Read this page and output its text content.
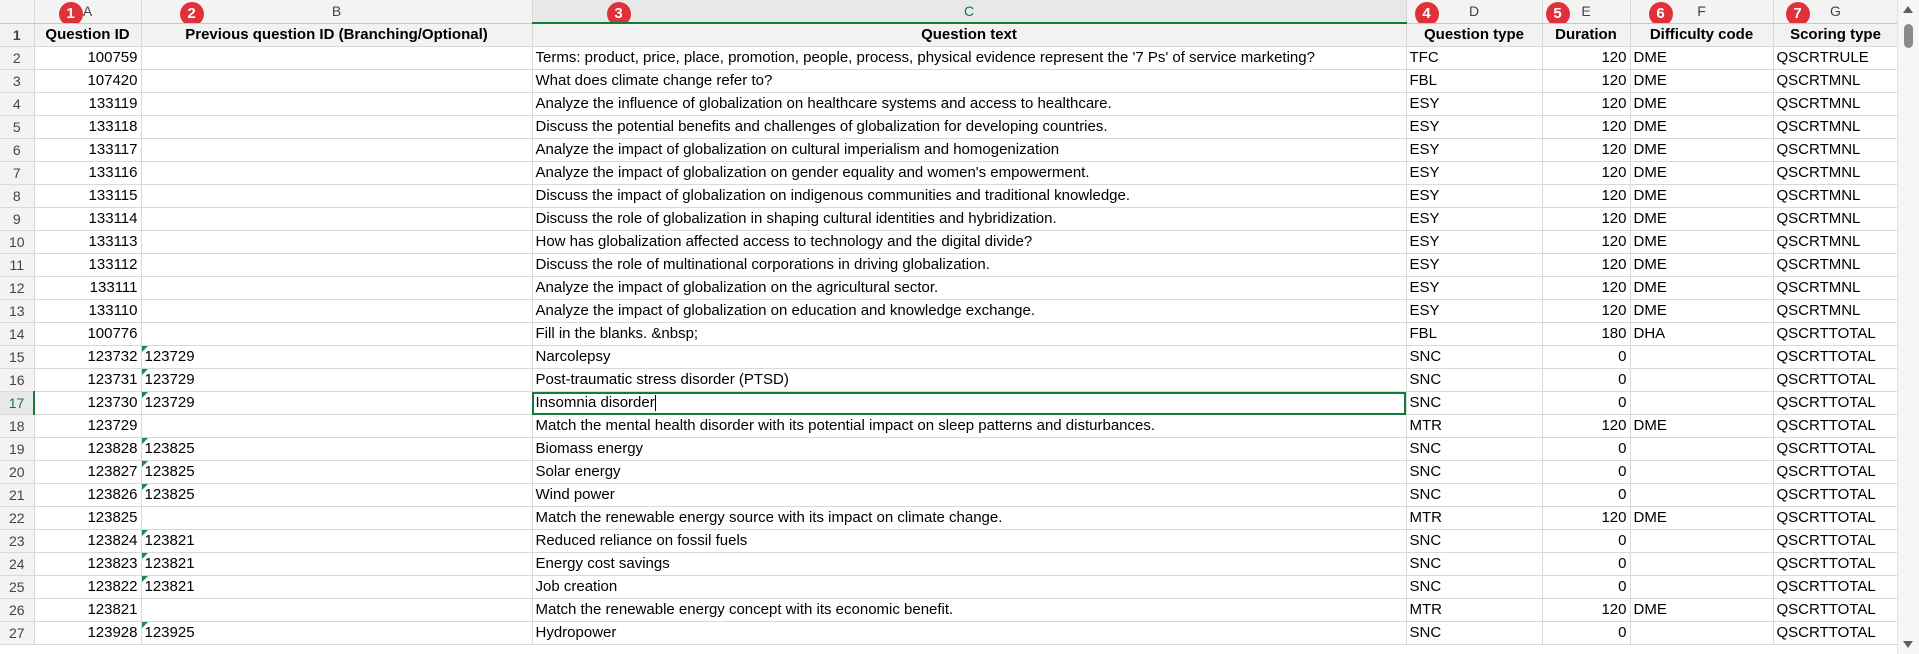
	1 A	2 B	3 C	4 D	5 E	6 F	7 G
1	Question ID	Previous question ID (Branching/Optional)	Question text	Question type	Duration	Difficulty code	Scoring type
2	100759		Terms: product, price, place, promotion, people, process, physical evidence represent the '7 Ps' of service marketing?	TFC	120	DME	QSCRTRULE
3	107420		What does climate change refer to?	FBL	120	DME	QSCRTMNL
4	133119		Analyze the influence of globalization on healthcare systems and access to healthcare.	ESY	120	DME	QSCRTMNL
5	133118		Discuss the potential benefits and challenges of globalization for developing countries.	ESY	120	DME	QSCRTMNL
6	133117		Analyze the impact of globalization on cultural imperialism and homogenization	ESY	120	DME	QSCRTMNL
7	133116		Analyze the impact of globalization on gender equality and women's empowerment.	ESY	120	DME	QSCRTMNL
8	133115		Discuss the impact of globalization on indigenous communities and traditional knowledge.	ESY	120	DME	QSCRTMNL
9	133114		Discuss the role of globalization in shaping cultural identities and hybridization.	ESY	120	DME	QSCRTMNL
10	133113		How has globalization affected access to technology and the digital divide?	ESY	120	DME	QSCRTMNL
11	133112		Discuss the role of multinational corporations in driving globalization.	ESY	120	DME	QSCRTMNL
12	133111		Analyze the impact of globalization on the agricultural sector.	ESY	120	DME	QSCRTMNL
13	133110		Analyze the impact of globalization on education and knowledge exchange.	ESY	120	DME	QSCRTMNL
14	100776		Fill in the blanks. &nbsp;	FBL	180	DHA	QSCRTTOTAL
15	123732	123729	Narcolepsy	SNC	0		QSCRTTOTAL
16	123731	123729	Post-traumatic stress disorder (PTSD)	SNC	0		QSCRTTOTAL
17	123730	123729	Insomnia disorder	SNC	0		QSCRTTOTAL
18	123729		Match the mental health disorder with its potential impact on sleep patterns and disturbances.	MTR	120	DME	QSCRTTOTAL
19	123828	123825	Biomass energy	SNC	0		QSCRTTOTAL
20	123827	123825	Solar energy	SNC	0		QSCRTTOTAL
21	123826	123825	Wind power	SNC	0		QSCRTTOTAL
22	123825		Match the renewable energy source with its impact on climate change.	MTR	120	DME	QSCRTTOTAL
23	123824	123821	Reduced reliance on fossil fuels	SNC	0		QSCRTTOTAL
24	123823	123821	Energy cost savings	SNC	0		QSCRTTOTAL
25	123822	123821	Job creation	SNC	0		QSCRTTOTAL
26	123821		Match the renewable energy concept with its economic benefit.	MTR	120	DME	QSCRTTOTAL
27	123928	123925	Hydropower	SNC	0		QSCRTTOTAL
